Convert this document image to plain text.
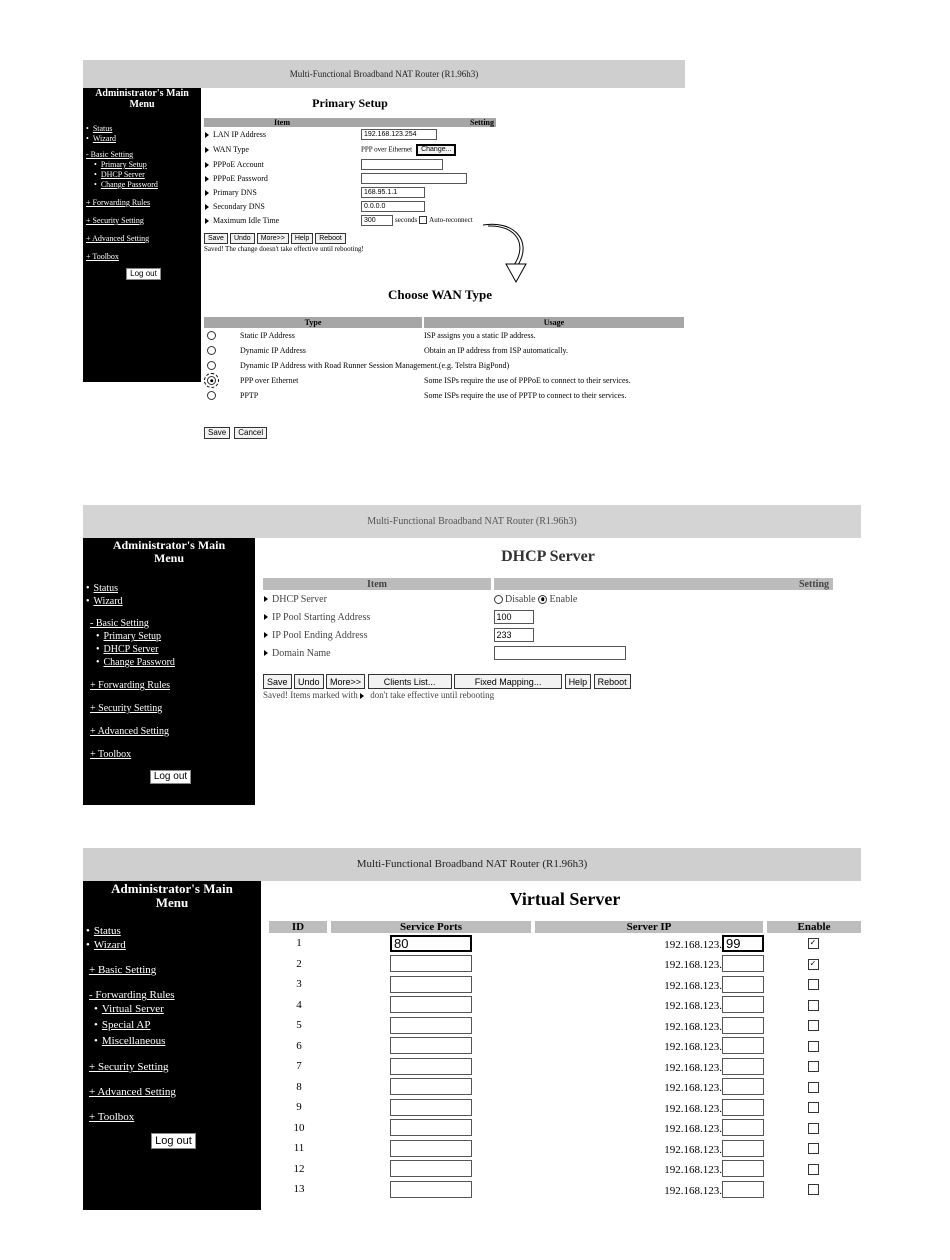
Multi-Functional Broadband NAT Router (R1.96h3)
Administrator's Main Menu
• Status
• Wizard
- Basic Setting
• Primary Setup
• DHCP Server
• Change Password
+ Forwarding Rules
+ Security Setting
+ Advanced Setting
+ Toolbox
Log out
Primary Setup
Item	Setting
LAN IP Address	192.168.123.254
WAN Type	PPP over Ethernet Change...
PPPoE Account	
PPPoE Password	
Primary DNS	168.95.1.1
Secondary DNS	0.0.0.0
Maximum Idle Time	300seconds Auto-reconnect
Save Undo More>> Help Reboot
Saved! The change doesn't take effective until rebooting!
Choose WAN Type
Type	Usage
Static IP Address	ISP assigns you a static IP address.
Dynamic IP Address	Obtain an IP address from ISP automatically.
Dynamic IP Address with Road Runner Session Management.(e.g. Telstra BigPond)	
PPP over Ethernet	Some ISPs require the use of PPPoE to connect to their services.
PPTP	Some ISPs require the use of PPTP to connect to their services.
Save Cancel
Multi-Functional Broadband NAT Router (R1.96h3)
Administrator's Main Menu
• Status
• Wizard
- Basic Setting
• Primary Setup
• DHCP Server
• Change Password
+ Forwarding Rules
+ Security Setting
+ Advanced Setting
+ Toolbox
Log out
DHCP Server
Item	Setting
DHCP Server	Disable Enable
IP Pool Starting Address	100
IP Pool Ending Address	233
Domain Name	
Save Undo More>>	Clients List...	Fixed Mapping...	Help Reboot
Saved! Items marked with don't take effective until rebooting
Multi-Functional Broadband NAT Router (R1.96h3)
Administrator's Main Menu
• Status
• Wizard
+ Basic Setting
- Forwarding Rules
• Virtual Server
• Special AP
• Miscellaneous
+ Security Setting
+ Advanced Setting
+ Toolbox
Log out
Virtual Server
ID	Service Ports	Server IP	Enable
1	80	192.168.123.99	✓
2		192.168.123.	✓
3		192.168.123.	
4		192.168.123.	
5		192.168.123.	
6		192.168.123.	
7		192.168.123.	
8		192.168.123.	
9		192.168.123.	
10		192.168.123.	
11		192.168.123.	
12		192.168.123.	
13		192.168.123.	
